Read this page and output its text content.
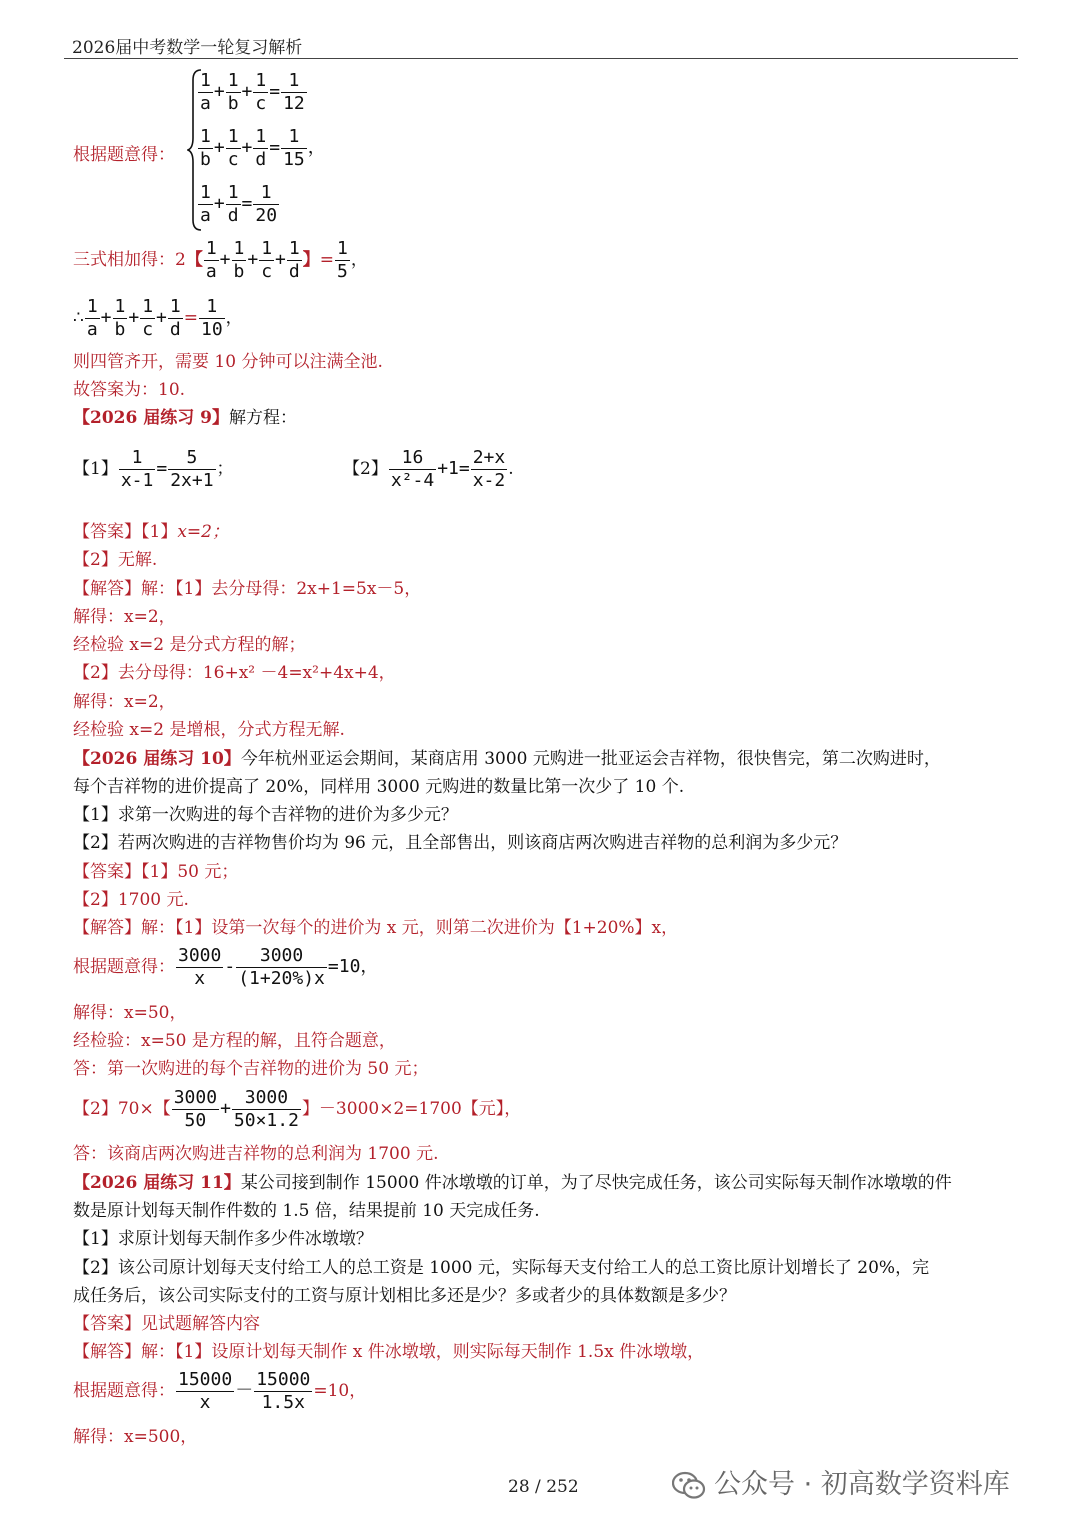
2026届中考数学一轮复习解析
根据题意得：
$\frac{1}{a} + \frac{1}{b} + \frac{1}{c} = \frac{1}{12}$
$\frac{1}{b} + \frac{1}{c} + \frac{1}{d} = \frac{1}{15}$ ，
$\frac{1}{a} + \frac{1}{d} = \frac{1}{20}$
三式相加得：2【 $\frac{1}{a} + \frac{1}{b} + \frac{1}{c} + \frac{1}{d}$ 】= $\frac{1}{5}$ ，
∴ $\frac{1}{a} + \frac{1}{b} + \frac{1}{c} + \frac{1}{d} = \frac{1}{10}$ ，
则四管齐开，需要 10 分钟可以注满全池.
故答案为：10.
【2026 届练习 9】解方程：
【1】 $\frac{1}{x-1} = \frac{5}{2x+1}$ ；	【2】 $\frac{16}{\text{x²-4}} +1= \frac{2+x}{x-2}$ .
【答案】【1】x=2；
【2】无解.
【解答】解：【1】去分母得：2x+1=5x－5，
解得：x=2，
经检验 x=2 是分式方程的解；
【2】去分母得：16+x² －4=x²+4x+4，
解得：x=2，
经检验 x=2 是增根，分式方程无解.
【2026 届练习 10】今年杭州亚运会期间，某商店用 3000 元购进一批亚运会吉祥物，很快售完，第二次购进时，
每个吉祥物的进价提高了 20%，同样用 3000 元购进的数量比第一次少了 10 个.
【1】求第一次购进的每个吉祥物的进价为多少元？
【2】若两次购进的吉祥物售价均为 96 元，且全部售出，则该商店两次购进吉祥物的总利润为多少元？
【答案】【1】50 元；
【2】1700 元.
【解答】解：【1】设第一次每个的进价为 x 元，则第二次进价为【1+20%】x，
根据题意得： $\frac{3000}{x} - \frac{3000}{(1+20\%)x} =10$，
解得：x=50，
经检验：x=50 是方程的解，且符合题意，
答：第一次购进的每个吉祥物的进价为 50 元；
【2】70×【 $\frac{3000}{50} + \frac{3000}{50\times 1.2}$ 】－3000×2=1700【元】，
答：该商店两次购进吉祥物的总利润为 1700 元.
【2026 届练习 11】某公司接到制作 15000 件冰墩墩的订单，为了尽快完成任务，该公司实际每天制作冰墩墩的件
数是原计划每天制作件数的 1.5 倍，结果提前 10 天完成任务.
【1】求原计划每天制作多少件冰墩墩？
【2】该公司原计划每天支付给工人的总工资是 1000 元，实际每天支付给工人的总工资比原计划增长了 20%，完
成任务后，该公司实际支付的工资与原计划相比多还是少？多或者少的具体数额是多少？
【答案】见试题解答内容
【解答】解：【1】设原计划每天制作 x 件冰墩墩，则实际每天制作 1.5x 件冰墩墩，
根据题意得： $\frac{15000}{x} - \frac{15000}{1.5x} =10$，
解得：x=500，
28 / 252	公众号 · 初高数学资料库
